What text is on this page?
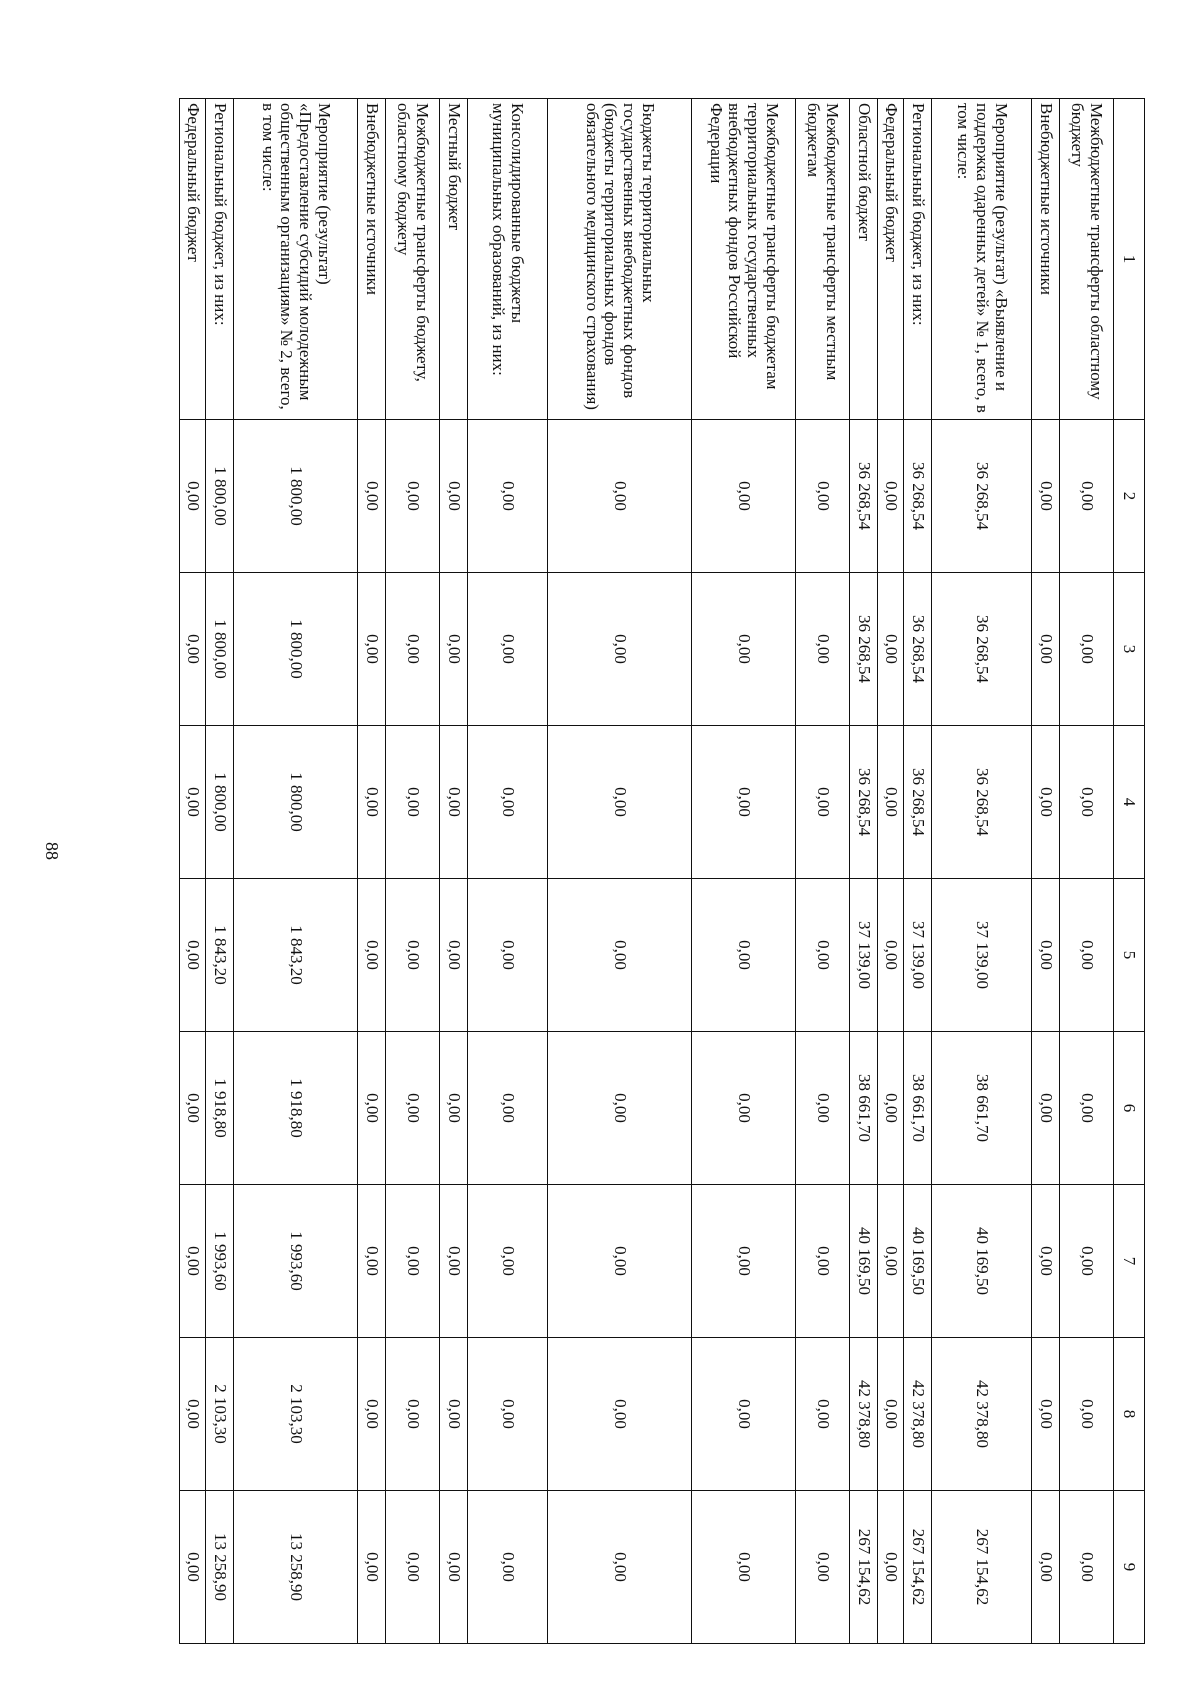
88
1	2	3	4	5	6	7	8	9
Межбюджетные трансферты областному бюджету	0,00	0,00	0,00	0,00	0,00	0,00	0,00	0,00
Внебюджетные источники	0,00	0,00	0,00	0,00	0,00	0,00	0,00	0,00
Мероприятие (результат) «Выявление и поддержка одаренных детей» № 1, всего, в том числе:	36 268,54	36 268,54	36 268,54	37 139,00	38 661,70	40 169,50	42 378,80	267 154,62
Региональный бюджет, из них:	36 268,54	36 268,54	36 268,54	37 139,00	38 661,70	40 169,50	42 378,80	267 154,62
Федеральный бюджет	0,00	0,00	0,00	0,00	0,00	0,00	0,00	0,00
Областной бюджет	36 268,54	36 268,54	36 268,54	37 139,00	38 661,70	40 169,50	42 378,80	267 154,62
Межбюджетные трансферты местным бюджетам	0,00	0,00	0,00	0,00	0,00	0,00	0,00	0,00
Межбюджетные трансферты бюджетам территориальных государственных внебюджетных фондов Российской Федерации	0,00	0,00	0,00	0,00	0,00	0,00	0,00	0,00
Бюджеты территориальных государственных внебюджетных фондов (бюджеты территориальных фондов обязательного медицинского страхования)	0,00	0,00	0,00	0,00	0,00	0,00	0,00	0,00
Консолидированные бюджеты муниципальных образований, из них:	0,00	0,00	0,00	0,00	0,00	0,00	0,00	0,00
Местный бюджет	0,00	0,00	0,00	0,00	0,00	0,00	0,00	0,00
Межбюджетные трансферты бюджету, областному бюджету	0,00	0,00	0,00	0,00	0,00	0,00	0,00	0,00
Внебюджетные источники	0,00	0,00	0,00	0,00	0,00	0,00	0,00	0,00
Мероприятие (результат) «Предоставление субсидий молодежным общественным организациям» № 2, всего, в том числе:	1 800,00	1 800,00	1 800,00	1 843,20	1 918,80	1 993,60	2 103,30	13 258,90
Региональный бюджет, из них:	1 800,00	1 800,00	1 800,00	1 843,20	1 918,80	1 993,60	2 103,30	13 258,90
Федеральный бюджет	0,00	0,00	0,00	0,00	0,00	0,00	0,00	0,00
